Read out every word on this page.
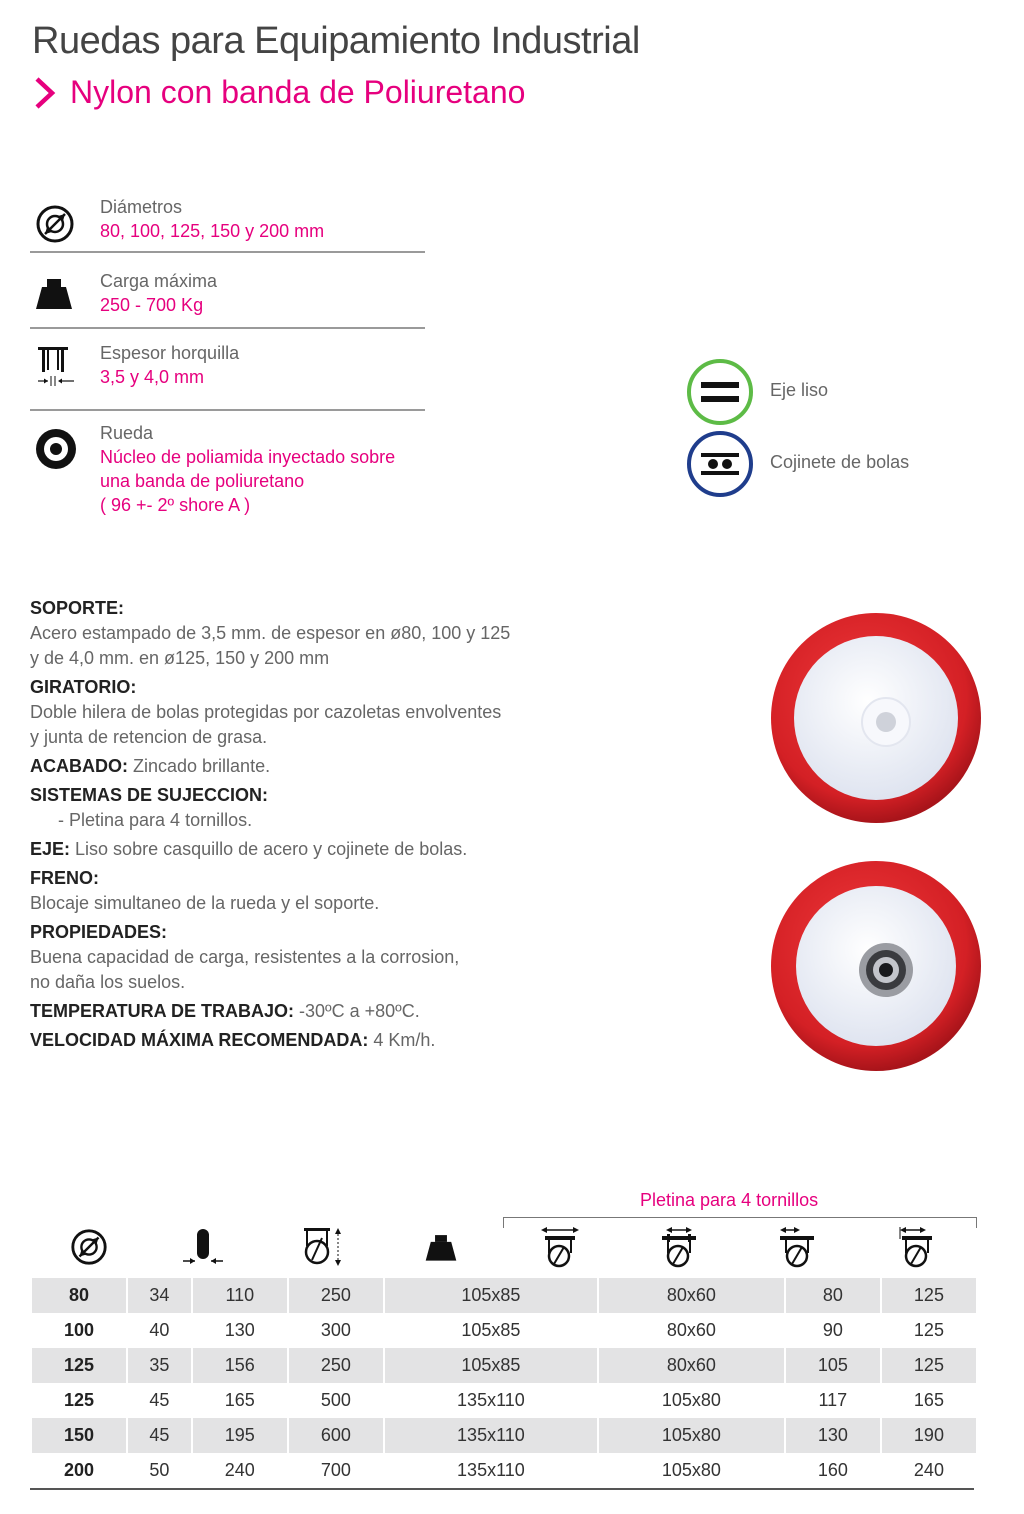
Ruedas para Equipamiento Industrial
Nylon con banda de Poliuretano
Diámetros
80, 100, 125, 150 y 200 mm
Carga máxima
250 - 700 Kg
Espesor horquilla
3,5 y 4,0 mm
Rueda
Núcleo de poliamida inyectado sobre
una banda de poliuretano
( 96 +- 2º shore A )
Eje liso
Cojinete de bolas
SOPORTE:
Acero estampado de 3,5 mm. de espesor en ø80, 100 y 125
y de 4,0 mm. en ø125, 150 y 200 mm
GIRATORIO:
Doble hilera de bolas protegidas por cazoletas envolventes
y junta de retencion de grasa.
ACABADO: Zincado brillante.
SISTEMAS DE SUJECCION:
- Pletina para 4 tornillos.
EJE: Liso sobre casquillo de acero y cojinete de bolas.
FRENO:
Blocaje simultaneo de la rueda y el soporte.
PROPIEDADES:
Buena capacidad de carga, resistentes a la corrosion,
no daña los suelos.
TEMPERATURA DE TRABAJO: -30ºC a +80ºC.
VELOCIDAD MÁXIMA RECOMENDADA: 4 Km/h.
Pletina para 4 tornillos
80	34	110	250	105x85	80x60	80	125
100	40	130	300	105x85	80x60	90	125
125	35	156	250	105x85	80x60	105	125
125	45	165	500	135x110	105x80	117	165
150	45	195	600	135x110	105x80	130	190
200	50	240	700	135x110	105x80	160	240
